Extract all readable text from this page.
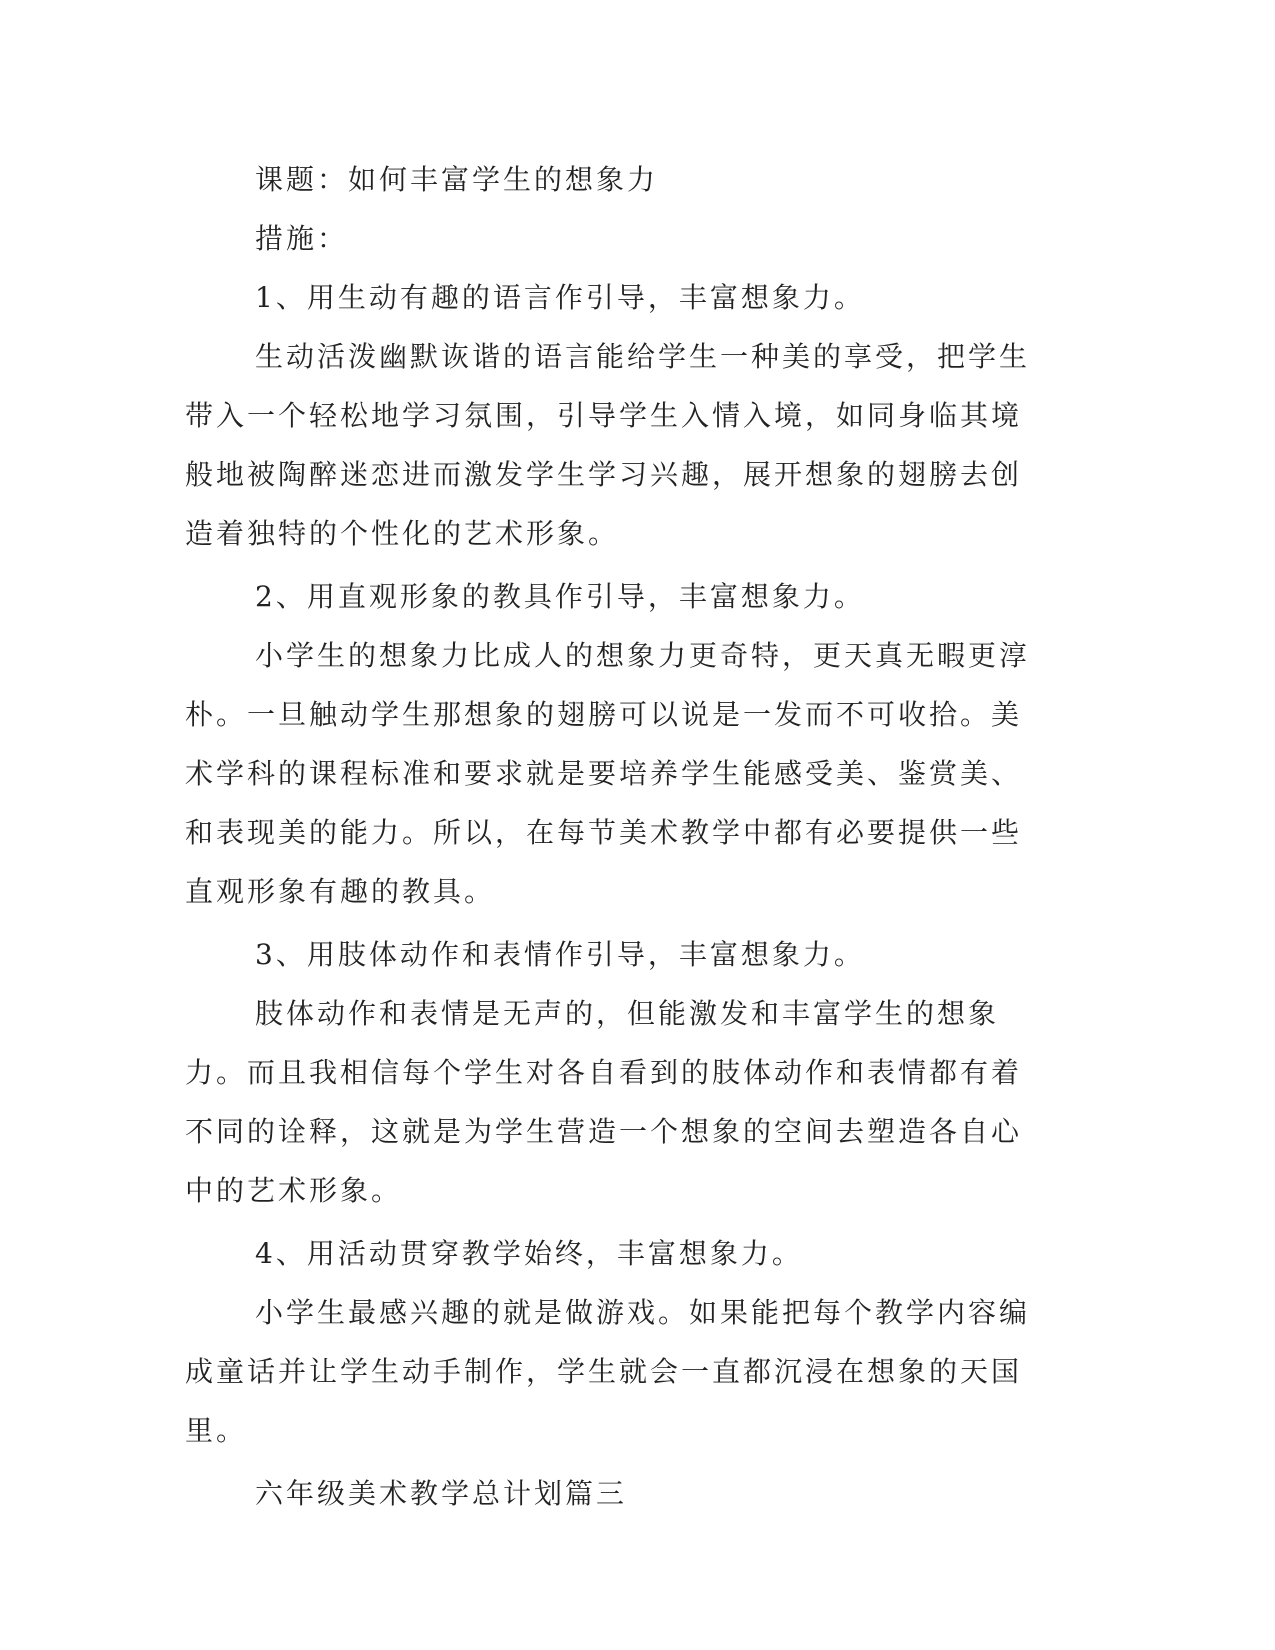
课题：如何丰富学生的想象力

措施：

1、用生动有趣的语言作引导，丰富想象力。

生动活泼幽默诙谐的语言能给学生一种美的享受，把学生带入一个轻松地学习氛围，引导学生入情入境，如同身临其境般地被陶醉迷恋进而激发学生学习兴趣，展开想象的翅膀去创造着独特的个性化的艺术形象。

2、用直观形象的教具作引导，丰富想象力。

小学生的想象力比成人的想象力更奇特，更天真无暇更淳朴。一旦触动学生那想象的翅膀可以说是一发而不可收拾。美术学科的课程标准和要求就是要培养学生能感受美、鉴赏美、和表现美的能力。所以，在每节美术教学中都有必要提供一些直观形象有趣的教具。

3、用肢体动作和表情作引导，丰富想象力。

肢体动作和表情是无声的，但能激发和丰富学生的想象力。而且我相信每个学生对各自看到的肢体动作和表情都有着不同的诠释，这就是为学生营造一个想象的空间去塑造各自心中的艺术形象。

4、用活动贯穿教学始终，丰富想象力。

小学生最感兴趣的就是做游戏。如果能把每个教学内容编成童话并让学生动手制作，学生就会一直都沉浸在想象的天国里。

六年级美术教学总计划篇三
